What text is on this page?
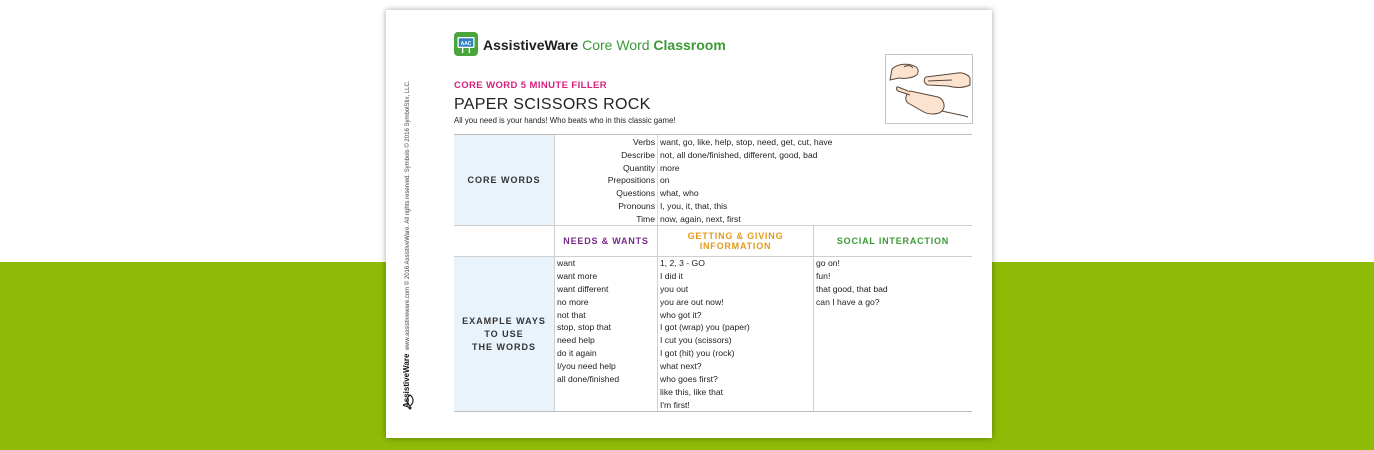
AssistiveWare  www.assistiveware.com © 2016 AssistiveWare. All rights reserved. Symbols © 2016 SymbolStix, LLC.
AAC AssistiveWare Core Word Classroom
CORE WORD 5 MINUTE FILLER
PAPER SCISSORS ROCK
All you need is your hands! Who beats who in this classic game!
CORE WORDS
Verbs want, go, like, help, stop, need, get, cut, have
Describe not, all done/finished, different, good, bad
Quantity more
Prepositions on
Questions what, who
Pronouns I, you, it, that, this
Time now, again, next, first
NEEDS & WANTS	GETTING & GIVING
INFORMATION	SOCIAL INTERACTION
EXAMPLE WAYS
TO USE
THE WORDS
want
want more
want different
no more
not that
stop, stop that
need help
do it again
I/you need help
all done/finished
1, 2, 3 - GO
I did it
you out
you are out now!
who got it?
I got (wrap) you (paper)
I cut you (scissors)
I got (hit) you (rock)
what next?
who goes first?
like this, like that
I'm first!
go on!
fun!
that good, that bad
can I have a go?
